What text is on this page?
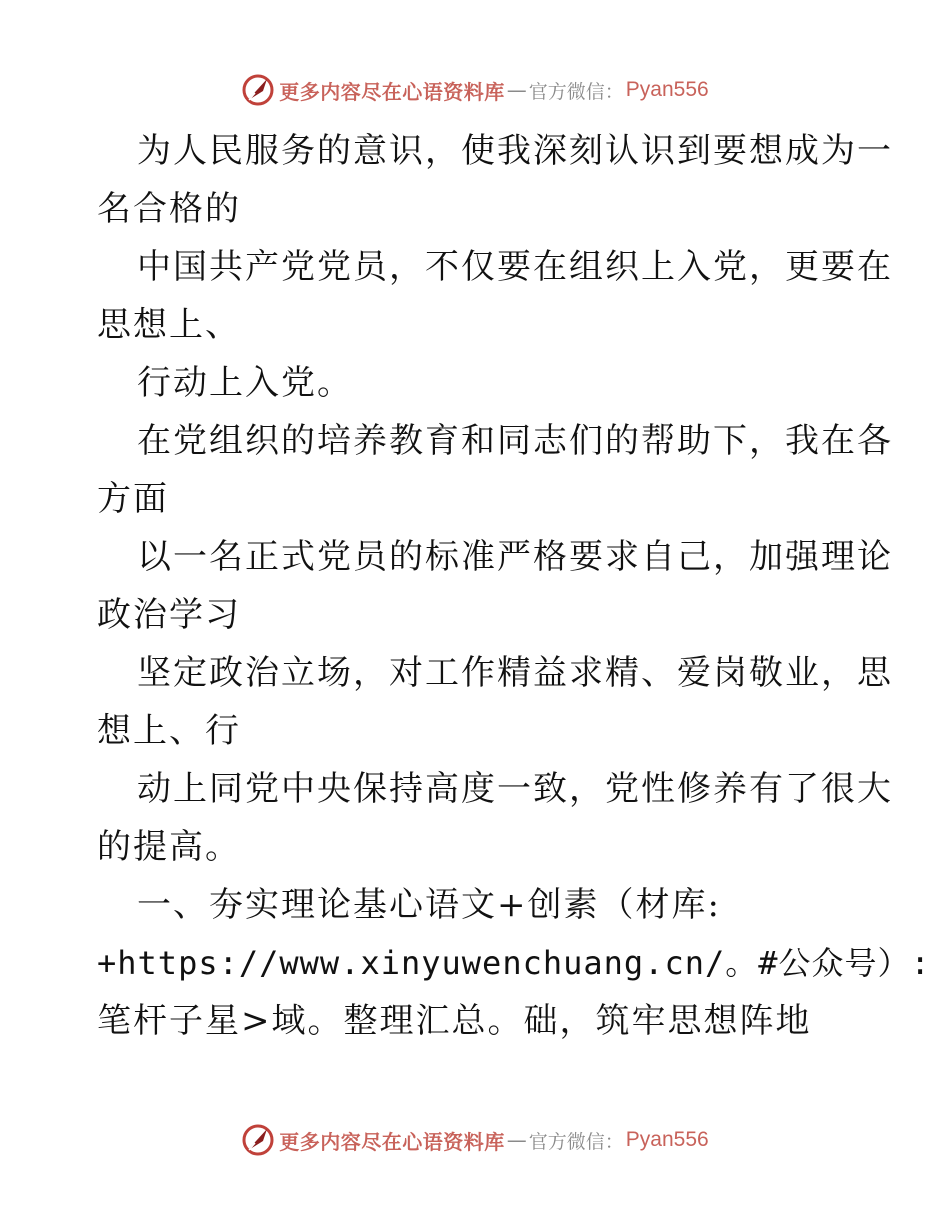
更多内容尽在心语资料库 — 官方微信： Pyan556
为人民服务的意识，使我深刻认识到要想成为一
名合格的
中国共产党党员，不仅要在组织上入党，更要在
思想上、
行动上入党。
在党组织的培养教育和同志们的帮助下，我在各
方面
以一名正式党员的标准严格要求自己，加强理论
政治学习
坚定政治立场，对工作精益求精、爱岗敬业，思
想上、行
动上同党中央保持高度一致，党性修养有了很大
的提高。
一、夯实理论基心语文+创素（材库:
+https://www.xinyuwenchuang.cn/。#公众号）:
笔杆子星>域。整理汇总。础，筑牢思想阵地
更多内容尽在心语资料库 — 官方微信： Pyan556
